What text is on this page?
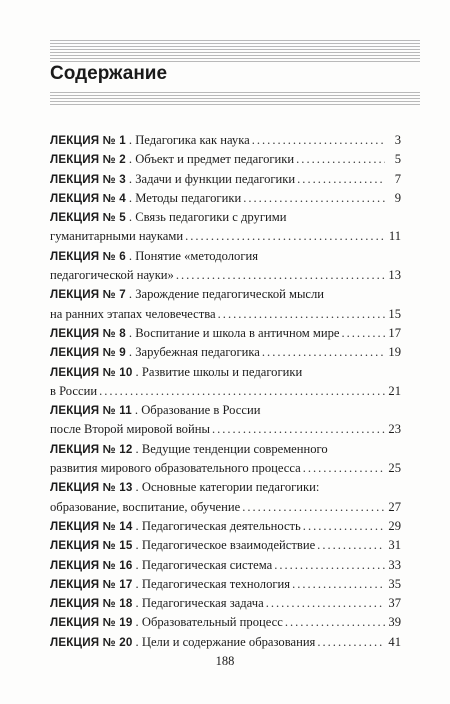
Содержание
ЛЕКЦИЯ № 1 . Педагогика как наука .....	3
ЛЕКЦИЯ № 2 . Объект и предмет педагогики .....	5
ЛЕКЦИЯ № 3 . Задачи и функции педагогики .....	7
ЛЕКЦИЯ № 4 . Методы педагогики .....	9
ЛЕКЦИЯ № 5 . Связь педагогики с другими
гуманитарными науками .....	11
ЛЕКЦИЯ № 6 . Понятие «методология
педагогической науки» .....	13
ЛЕКЦИЯ № 7 . Зарождение педагогической мысли
на ранних этапах человечества .....	15
ЛЕКЦИЯ № 8 . Воспитание и школа в античном мире .....	17
ЛЕКЦИЯ № 9 . Зарубежная педагогика .....	19
ЛЕКЦИЯ № 10 . Развитие школы и педагогики
в России .....	21
ЛЕКЦИЯ № 11 . Образование в России
после Второй мировой войны .....	23
ЛЕКЦИЯ № 12 . Ведущие тенденции современного
развития мирового образовательного процесса .....	25
ЛЕКЦИЯ № 13 . Основные категории педагогики:
образование, воспитание, обучение .....	27
ЛЕКЦИЯ № 14 . Педагогическая деятельность .....	29
ЛЕКЦИЯ № 15 . Педагогическое взаимодействие .....	31
ЛЕКЦИЯ № 16 . Педагогическая система .....	33
ЛЕКЦИЯ № 17 . Педагогическая технология .....	35
ЛЕКЦИЯ № 18 . Педагогическая задача .....	37
ЛЕКЦИЯ № 19 . Образовательный процесс .....	39
ЛЕКЦИЯ № 20 . Цели и содержание образования .....	41
188
